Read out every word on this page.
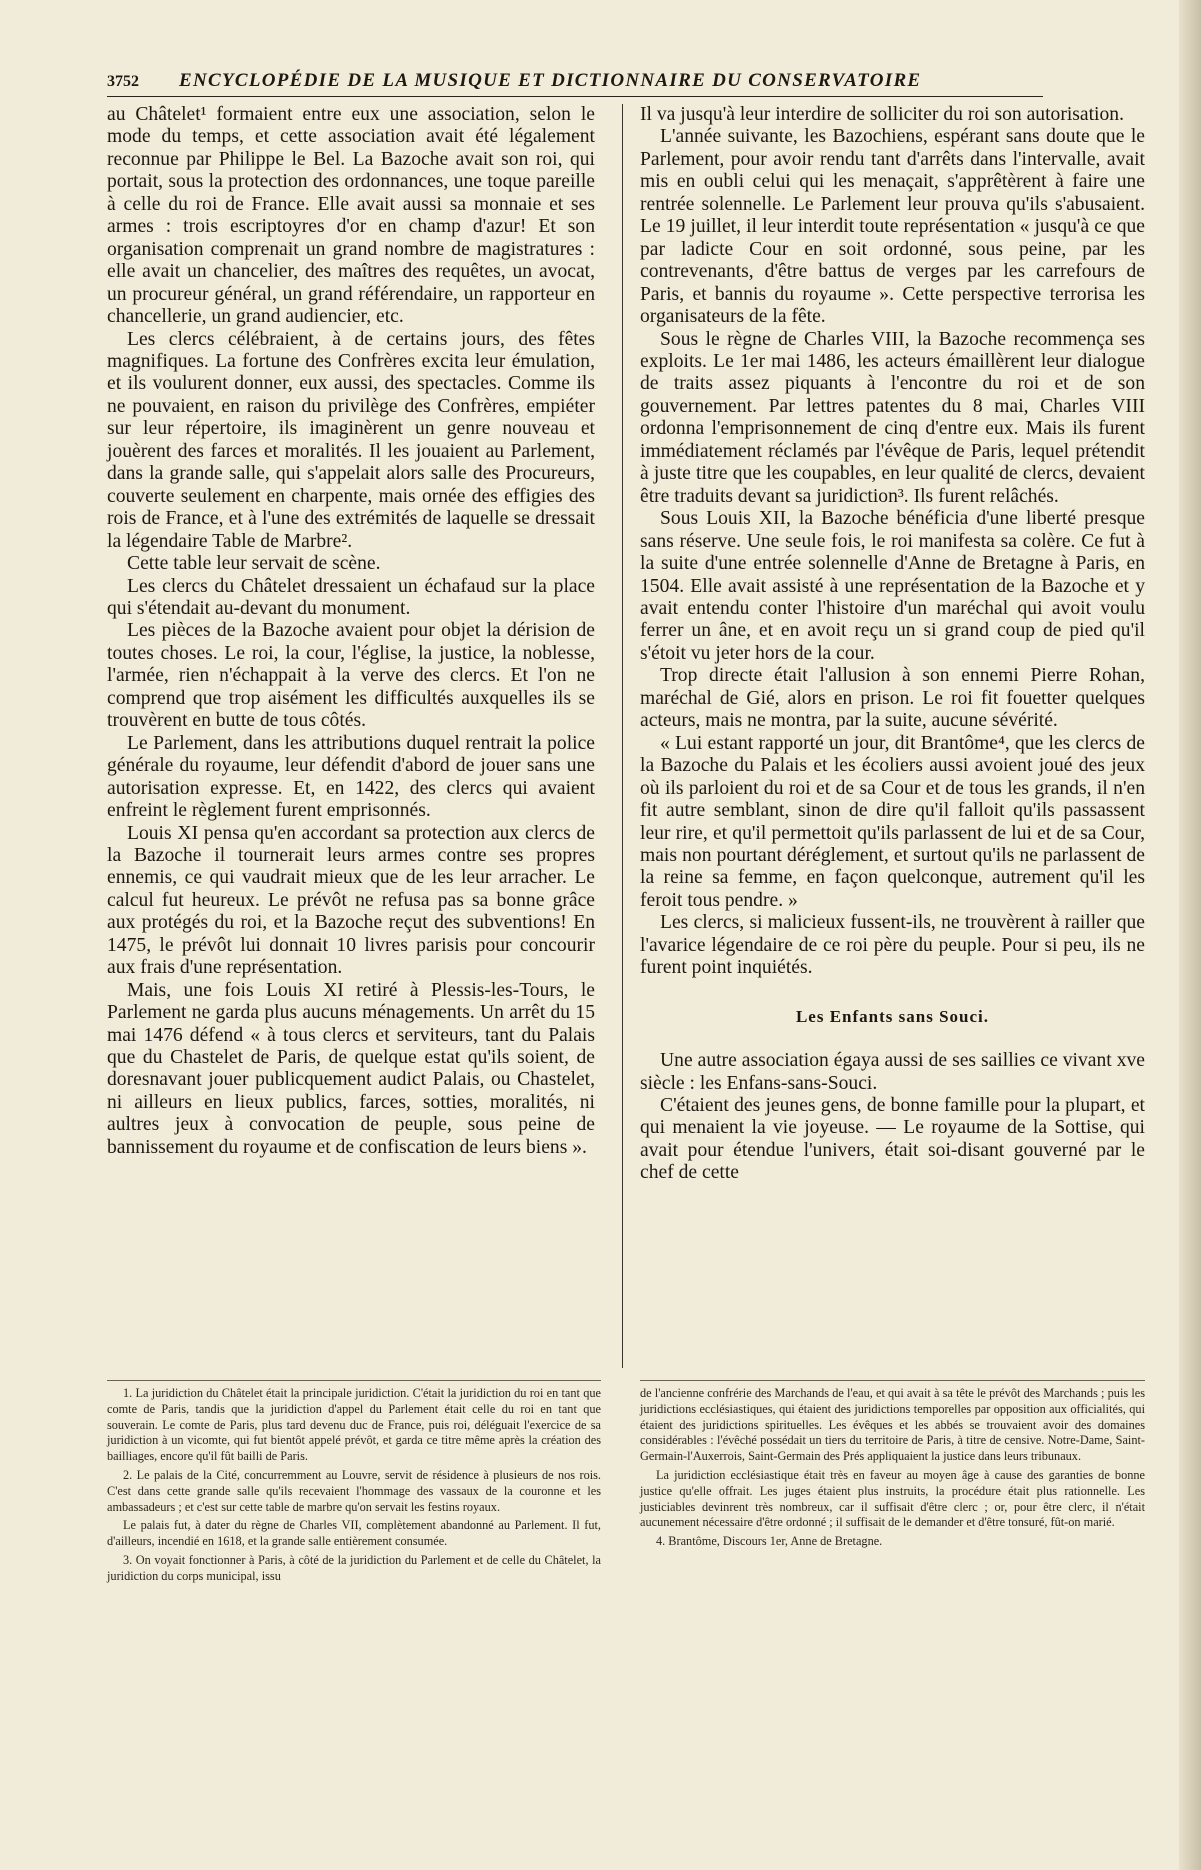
3752 ENCYCLOPÉDIE DE LA MUSIQUE ET DICTIONNAIRE DU CONSERVATOIRE

au Châtelet¹ formaient entre eux une association, selon le mode du temps, et cette association avait été légalement reconnue par Philippe le Bel. La Bazoche avait son roi, qui portait, sous la protection des ordonnances, une toque pareille à celle du roi de France. Elle avait aussi sa monnaie et ses armes : trois escriptoyres d'or en champ d'azur! Et son organisation comprenait un grand nombre de magistratures : elle avait un chancelier, des maîtres des requêtes, un avocat, un procureur général, un grand référendaire, un rapporteur en chancellerie, un grand audiencier, etc.

Les clercs célébraient, à de certains jours, des fêtes magnifiques. La fortune des Confrères excita leur émulation, et ils voulurent donner, eux aussi, des spectacles. Comme ils ne pouvaient, en raison du privilège des Confrères, empiéter sur leur répertoire, ils imaginèrent un genre nouveau et jouèrent des farces et moralités. Il les jouaient au Parlement, dans la grande salle, qui s'appelait alors salle des Procureurs, couverte seulement en charpente, mais ornée des effigies des rois de France, et à l'une des extrémités de laquelle se dressait la légendaire Table de Marbre².

Cette table leur servait de scène.

Les clercs du Châtelet dressaient un échafaud sur la place qui s'étendait au-devant du monument.

Les pièces de la Bazoche avaient pour objet la dérision de toutes choses. Le roi, la cour, l'église, la justice, la noblesse, l'armée, rien n'échappait à la verve des clercs. Et l'on ne comprend que trop aisément les difficultés auxquelles ils se trouvèrent en butte de tous côtés.

Le Parlement, dans les attributions duquel rentrait la police générale du royaume, leur défendit d'abord de jouer sans une autorisation expresse. Et, en 1422, des clercs qui avaient enfreint le règlement furent emprisonnés.

Louis XI pensa qu'en accordant sa protection aux clercs de la Bazoche il tournerait leurs armes contre ses propres ennemis, ce qui vaudrait mieux que de les leur arracher. Le calcul fut heureux. Le prévôt ne refusa pas sa bonne grâce aux protégés du roi, et la Bazoche reçut des subventions! En 1475, le prévôt lui donnait 10 livres parisis pour concourir aux frais d'une représentation.

Mais, une fois Louis XI retiré à Plessis-les-Tours, le Parlement ne garda plus aucuns ménagements. Un arrêt du 15 mai 1476 défend « à tous clercs et serviteurs, tant du Palais que du Chastelet de Paris, de quelque estat qu'ils soient, de doresnavant jouer publicquement audict Palais, ou Chastelet, ni ailleurs en lieux publics, farces, sotties, moralités, ni aultres jeux à convocation de peuple, sous peine de bannissement du royaume et de confiscation de leurs biens ».

Il va jusqu'à leur interdire de solliciter du roi son autorisation.

L'année suivante, les Bazochiens, espérant sans doute que le Parlement, pour avoir rendu tant d'arrêts dans l'intervalle, avait mis en oubli celui qui les menaçait, s'apprêtèrent à faire une rentrée solennelle. Le Parlement leur prouva qu'ils s'abusaient. Le 19 juillet, il leur interdit toute représentation « jusqu'à ce que par ladicte Cour en soit ordonné, sous peine, par les contrevenants, d'être battus de verges par les carrefours de Paris, et bannis du royaume ». Cette perspective terrorisa les organisateurs de la fête.

Sous le règne de Charles VIII, la Bazoche recommença ses exploits. Le 1er mai 1486, les acteurs émaillèrent leur dialogue de traits assez piquants à l'encontre du roi et de son gouvernement. Par lettres patentes du 8 mai, Charles VIII ordonna l'emprisonnement de cinq d'entre eux. Mais ils furent immédiatement réclamés par l'évêque de Paris, lequel prétendit à juste titre que les coupables, en leur qualité de clercs, devaient être traduits devant sa juridiction³. Ils furent relâchés.

Sous Louis XII, la Bazoche bénéficia d'une liberté presque sans réserve. Une seule fois, le roi manifesta sa colère. Ce fut à la suite d'une entrée solennelle d'Anne de Bretagne à Paris, en 1504. Elle avait assisté à une représentation de la Bazoche et y avait entendu conter l'histoire d'un maréchal qui avoit voulu ferrer un âne, et en avoit reçu un si grand coup de pied qu'il s'étoit vu jeter hors de la cour.

Trop directe était l'allusion à son ennemi Pierre Rohan, maréchal de Gié, alors en prison. Le roi fit fouetter quelques acteurs, mais ne montra, par la suite, aucune sévérité.

« Lui estant rapporté un jour, dit Brantôme⁴, que les clercs de la Bazoche du Palais et les écoliers aussi avoient joué des jeux où ils parloient du roi et de sa Cour et de tous les grands, il n'en fit autre semblant, sinon de dire qu'il falloit qu'ils passassent leur rire, et qu'il permettoit qu'ils parlassent de lui et de sa Cour, mais non pourtant déréglement, et surtout qu'ils ne parlassent de la reine sa femme, en façon quelconque, autrement qu'il les feroit tous pendre. »

Les clercs, si malicieux fussent-ils, ne trouvèrent à railler que l'avarice légendaire de ce roi père du peuple. Pour si peu, ils ne furent point inquiétés.

Les Enfants sans Souci.

Une autre association égaya aussi de ses saillies ce vivant xve siècle : les Enfans-sans-Souci.

C'étaient des jeunes gens, de bonne famille pour la plupart, et qui menaient la vie joyeuse. — Le royaume de la Sottise, qui avait pour étendue l'univers, était soi-disant gouverné par le chef de cette

1. La juridiction du Châtelet était la principale juridiction. C'était la juridiction du roi en tant que comte de Paris, tandis que la juridiction d'appel du Parlement était celle du roi en tant que souverain. Le comte de Paris, plus tard devenu duc de France, puis roi, déléguait l'exercice de sa juridiction à un vicomte, qui fut bientôt appelé prévôt, et garda ce titre même après la création des bailliages, encore qu'il fût bailli de Paris.

2. Le palais de la Cité, concurremment au Louvre, servit de résidence à plusieurs de nos rois. C'est dans cette grande salle qu'ils recevaient l'hommage des vassaux de la couronne et les ambassadeurs ; et c'est sur cette table de marbre qu'on servait les festins royaux.

Le palais fut, à dater du règne de Charles VII, complètement abandonné au Parlement. Il fut, d'ailleurs, incendié en 1618, et la grande salle entièrement consumée.

3. On voyait fonctionner à Paris, à côté de la juridiction du Parlement et de celle du Châtelet, la juridiction du corps municipal, issu

de l'ancienne confrérie des Marchands de l'eau, et qui avait à sa tête le prévôt des Marchands ; puis les juridictions ecclésiastiques, qui étaient des juridictions temporelles par opposition aux officialités, qui étaient des juridictions spirituelles. Les évêques et les abbés se trouvaient avoir des domaines considérables : l'évêché possédait un tiers du territoire de Paris, à titre de censive. Notre-Dame, Saint-Germain-l'Auxerrois, Saint-Germain des Prés appliquaient la justice dans leurs tribunaux.

La juridiction ecclésiastique était très en faveur au moyen âge à cause des garanties de bonne justice qu'elle offrait. Les juges étaient plus instruits, la procédure était plus rationnelle. Les justiciables devinrent très nombreux, car il suffisait d'être clerc ; or, pour être clerc, il n'était aucunement nécessaire d'être ordonné ; il suffisait de le demander et d'être tonsuré, fût-on marié.

4. Brantôme, Discours 1er, Anne de Bretagne.
